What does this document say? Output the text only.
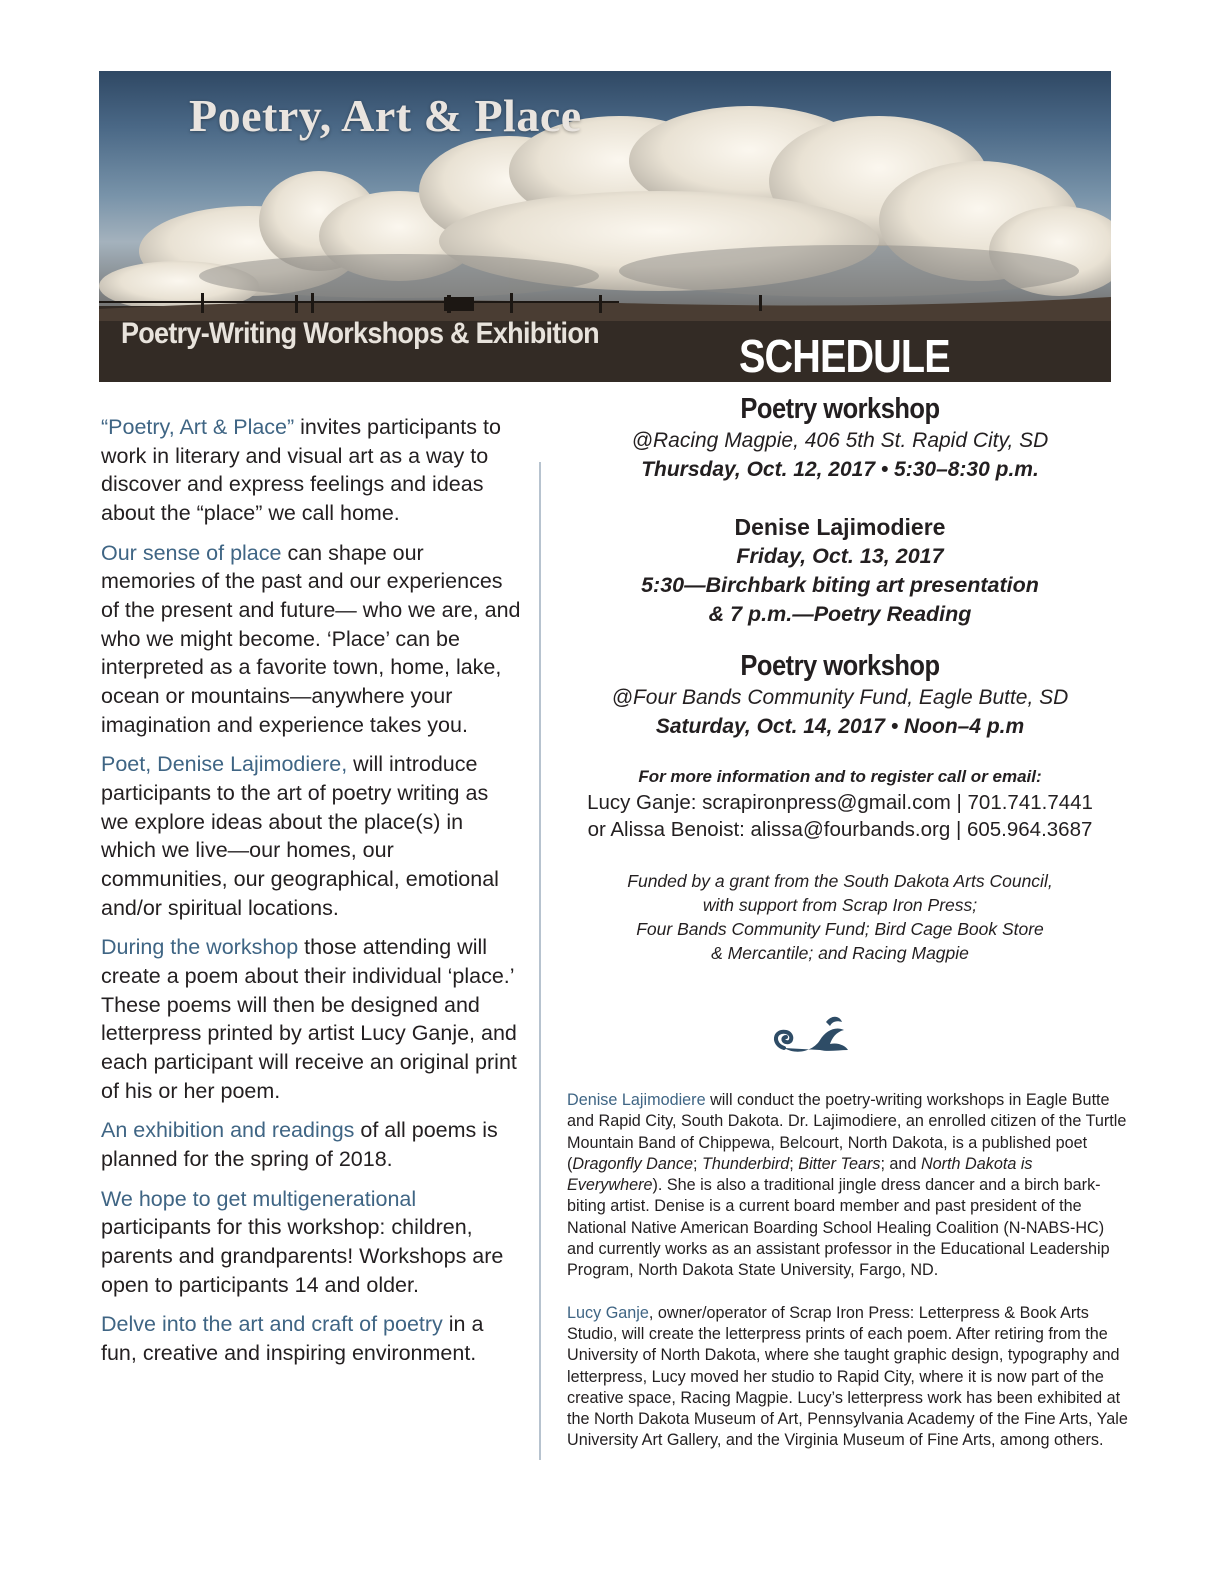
Poetry, Art & Place
Poetry-Writing Workshops & Exhibition	SCHEDULE

“Poetry, Art & Place” invites participants to work in literary and visual art as a way to discover and express feelings and ideas about the “place” we call home.

Our sense of place can shape our memories of the past and our experiences of the present and future— who we are, and who we might become. ‘Place’ can be interpreted as a favorite town, home, lake, ocean or mountains—anywhere your imagination and experience takes you.

Poet, Denise Lajimodiere, will introduce participants to the art of poetry writing as we explore ideas about the place(s) in which we live—our homes, our communities, our geographical, emotional and/or spiritual locations.

During the workshop those attending will create a poem about their individual ‘place.’ These poems will then be designed and letterpress printed by artist Lucy Ganje, and each participant will receive an original print of his or her poem.

An exhibition and readings of all poems is planned for the spring of 2018.

We hope to get multigenerational participants for this workshop: children, parents and grandparents! Workshops are open to participants 14 and older.

Delve into the art and craft of poetry in a fun, creative and inspiring environment.

Poetry workshop
@Racing Magpie, 406 5th St. Rapid City, SD
Thursday, Oct. 12, 2017 • 5:30–8:30 p.m.
Denise Lajimodiere
Friday, Oct. 13, 2017
5:30—Birchbark biting art presentation
& 7 p.m.—Poetry Reading
Poetry workshop
@Four Bands Community Fund, Eagle Butte, SD
Saturday, Oct. 14, 2017 • Noon–4 p.m
For more information and to register call or email:
Lucy Ganje: scrapironpress@gmail.com | 701.741.7441
or Alissa Benoist: alissa@fourbands.org | 605.964.3687
Funded by a grant from the South Dakota Arts Council,
with support from Scrap Iron Press;
Four Bands Community Fund; Bird Cage Book Store
& Mercantile; and Racing Magpie

Denise Lajimodiere will conduct the poetry-writing workshops in Eagle Butte and Rapid City, South Dakota. Dr. Lajimodiere, an enrolled citizen of the Turtle Mountain Band of Chippewa, Belcourt, North Dakota, is a published poet (Dragonfly Dance; Thunderbird; Bitter Tears; and North Dakota is Everywhere). She is also a traditional jingle dress dancer and a birch bark-biting artist. Denise is a current board member and past president of the National Native American Boarding School Healing Coalition (N-NABS-HC) and currently works as an assistant professor in the Educational Leadership Program, North Dakota State University, Fargo, ND.

Lucy Ganje, owner/operator of Scrap Iron Press: Letterpress & Book Arts Studio, will create the letterpress prints of each poem. After retiring from the University of North Dakota, where she taught graphic design, typography and letterpress, Lucy moved her studio to Rapid City, where it is now part of the creative space, Racing Magpie. Lucy’s letterpress work has been exhibited at the North Dakota Museum of Art, Pennsylvania Academy of the Fine Arts, Yale University Art Gallery, and the Virginia Museum of Fine Arts, among others.
